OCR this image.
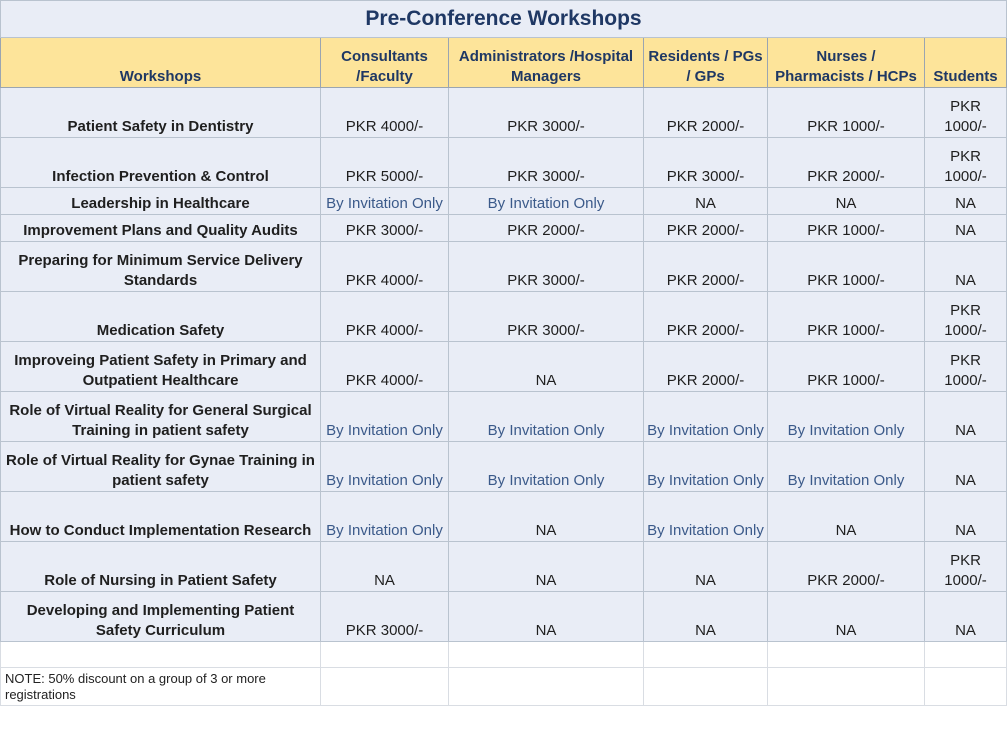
Pre-Conference Workshops					
Workshops	Consultants /Faculty	Administrators /Hospital Managers	Residents / PGs / GPs	Nurses / Pharmacists / HCPs	Students
Patient Safety in Dentistry	PKR 4000/-	PKR 3000/-	PKR 2000/-	PKR 1000/-	PKR 1000/-
Infection Prevention & Control	PKR 5000/-	PKR 3000/-	PKR 3000/-	PKR 2000/-	PKR 1000/-
Leadership in Healthcare	By Invitation Only	By Invitation Only	NA	NA	NA
Improvement Plans and Quality Audits	PKR 3000/-	PKR 2000/-	PKR 2000/-	PKR 1000/-	NA
Preparing for Minimum Service Delivery Standards	PKR 4000/-	PKR 3000/-	PKR 2000/-	PKR 1000/-	NA
Medication Safety	PKR 4000/-	PKR 3000/-	PKR 2000/-	PKR 1000/-	PKR 1000/-
Improveing Patient Safety in Primary and Outpatient Healthcare	PKR 4000/-	NA	PKR 2000/-	PKR 1000/-	PKR 1000/-
Role of Virtual Reality for General Surgical Training in patient safety	By Invitation Only	By Invitation Only	By Invitation Only	By Invitation Only	NA
Role of Virtual Reality for Gynae Training in patient safety	By Invitation Only	By Invitation Only	By Invitation Only	By Invitation Only	NA
How to Conduct Implementation Research	By Invitation Only	NA	By Invitation Only	NA	NA
Role of Nursing in Patient Safety	NA	NA	NA	PKR 2000/-	PKR 1000/-
Developing and Implementing Patient Safety Curriculum	PKR 3000/-	NA	NA	NA	NA

NOTE: 50% discount on a group of 3 or more registrations					
